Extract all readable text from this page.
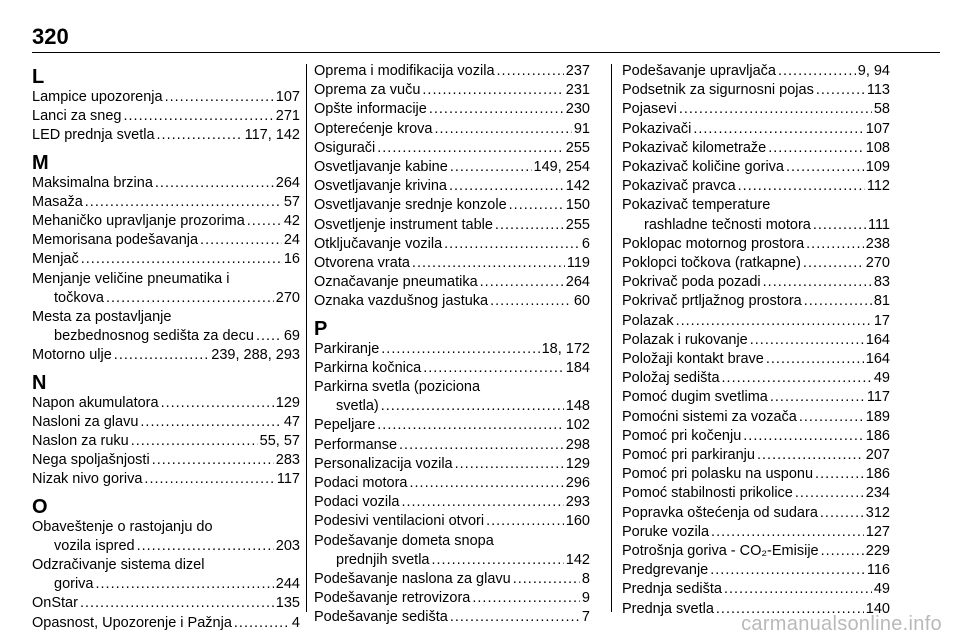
320
L
Lampice upozorenja .....	107
Lanci za sneg .....	271
LED prednja svetla .....	117, 142
M
Maksimalna brzina .....	264
Masaža .....	57
Mehaničko upravljanje prozorima .....	42
Memorisana podešavanja .....	24
Menjač .....	16
Menjanje veličine pneumatika i
točkova .....	270
Mesta za postavljanje
bezbednosnog sedišta za decu ..... 69
Motorno ulje .....	239, 288, 293
N
Napon akumulatora .....	129
Nasloni za glavu .....	47
Naslon za ruku .....	55, 57
Nega spoljašnjosti .....	283
Nizak nivo goriva .....	117
O
Obaveštenje o rastojanju do
vozila ispred .....	203
Odzračivanje sistema dizel
goriva .....	244
OnStar .....	135
Opasnost, Upozorenje i Pažnja .....	4
Oprema i modifikacija vozila .....	237
Oprema za vuču .....	231
Opšte informacije .....	230
Opterećenje krova .....	91
Osigurači .....	255
Osvetljavanje kabine .....	149, 254
Osvetljavanje krivina .....	142
Osvetljavanje srednje konzole .....	150
Osvetljenje instrument table .....	255
Otključavanje vozila .....	6
Otvorena vrata .....	119
Označavanje pneumatika .....	264
Oznaka vazdušnog jastuka .....	60
P
Parkiranje .....	18, 172
Parkirna kočnica .....	184
Parkirna svetla (poziciona
svetla) .....	148
Pepeljare .....	102
Performanse .....	298
Personalizacija vozila .....	129
Podaci motora .....	296
Podaci vozila .....	293
Podesivi ventilacioni otvori .....	160
Podešavanje dometa snopa
prednjih svetla .....	142
Podešavanje naslona za glavu .....	8
Podešavanje retrovizora .....	9
Podešavanje sedišta .....	7
Podešavanje upravljača .....	9, 94
Podsetnik za sigurnosni pojas .....	113
Pojasevi .....	58
Pokazivači .....	107
Pokazivač kilometraže .....	108
Pokazivač količine goriva .....	109
Pokazivač pravca .....	112
Pokazivač temperature
rashladne tečnosti motora .....	111
Poklopac motornog prostora .....	238
Poklopci točkova (ratkapne) .....	270
Pokrivač poda pozadi .....	83
Pokrivač prtljažnog prostora .....	81
Polazak .....	17
Polazak i rukovanje .....	164
Položaji kontakt brave .....	164
Položaj sedišta .....	49
Pomoć dugim svetlima .....	117
Pomoćni sistemi za vozača .....	189
Pomoć pri kočenju .....	186
Pomoć pri parkiranju .....	207
Pomoć pri polasku na usponu .....	186
Pomoć stabilnosti prikolice .....	234
Popravka oštećenja od sudara .....	312
Poruke vozila .....	127
Potrošnja goriva - CO₂-Emisije .....	229
Predgrevanje .....	116
Prednja sedišta .....	49
Prednja svetla .....	140
carmanualsonline.info
